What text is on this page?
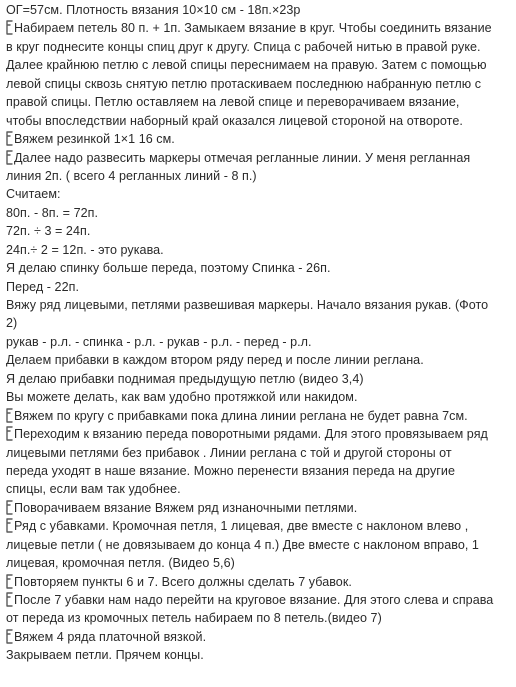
ОГ=57см. Плотность вязания 10×10 см - 18п.×23р
Набираем петель 80 п. + 1п. Замыкаем вязание в круг. Чтобы соединить вязание
в круг поднесите концы спиц друг к другу. Спица с рабочей нитью в правой руке.
Далее крайнюю петлю с левой спицы переснимаем на правую. Затем с помощью
левой спицы сквозь снятую петлю протаскиваем последнюю набранную петлю с
правой спицы. Петлю оставляем на левой спице и переворачиваем вязание,
чтобы впоследствии наборный край оказался лицевой стороной на отвороте.
Вяжем резинкой 1×1 16 см.
Далее надо развесить маркеры отмечая регланные линии. У меня регланная
линия 2п. ( всего 4 регланных линий - 8 п.)
Считаем:
80п. - 8п. = 72п.
72п. ÷ 3 = 24п.
24п.÷ 2 = 12п. - это рукава.
Я делаю спинку больше переда, поэтому Спинка - 26п.
Перед - 22п.
Вяжу ряд лицевыми, петлями развешивая маркеры. Начало вязания рукав. (Фото
2)
рукав - р.л. - спинка - р.л. - рукав - р.л. - перед - р.л.
Делаем прибавки в каждом втором ряду перед и после линии реглана.
Я делаю прибавки поднимая предыдущую петлю (видео 3,4)
Вы можете делать, как вам удобно протяжкой или накидом.
Вяжем по кругу с прибавками пока длина линии реглана не будет равна 7см.
Переходим к вязанию переда поворотными рядами. Для этого провязываем ряд
лицевыми петлями без прибавок . Линии реглана с той и другой стороны от
переда уходят в наше вязание. Можно перенести вязания переда на другие
спицы, если вам так удобнее.
Поворачиваем вязание Вяжем ряд изнаночными петлями.
Ряд с убавками. Кромочная петля, 1 лицевая, две вместе с наклоном влево ,
лицевые петли ( не довязываем до конца 4 п.) Две вместе с наклоном вправо, 1
лицевая, кромочная петля. (Видео 5,6)
Повторяем пункты 6 и 7. Всего должны сделать 7 убавок.
После 7 убавки нам надо перейти на круговое вязание. Для этого слева и справа
от переда из кромочных петель набираем по 8 петель.(видео 7)
Вяжем 4 ряда платочной вязкой.
Закрываем петли. Прячем концы.
